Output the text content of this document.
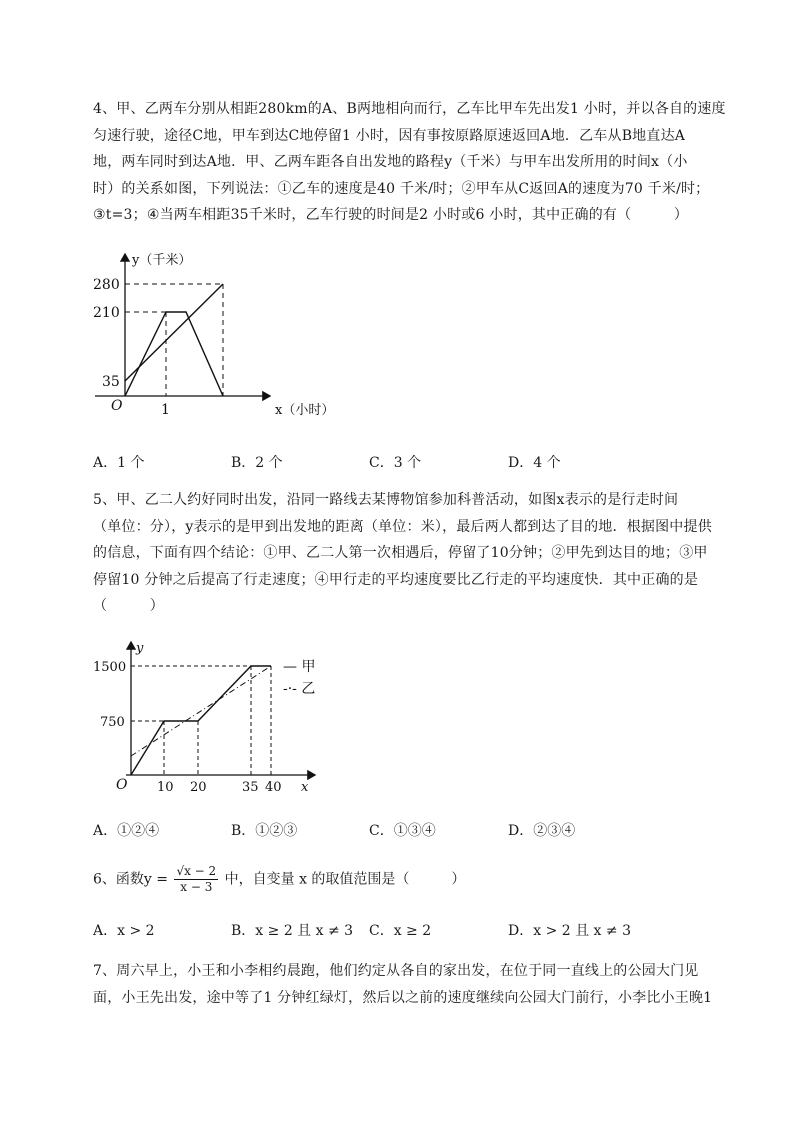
4、甲、乙两车分别从相距280km的A、B两地相向而行，乙车比甲车先出发1 小时，并以各自的速度
匀速行驶，途径C地，甲车到达C地停留1 小时，因有事按原路原速返回A地．乙车从B地直达A
地，两车同时到达A地．甲、乙两车距各自出发地的路程y（千米）与甲车出发所用的时间x（小
时）的关系如图，下列说法：①乙车的速度是40 千米/时；②甲车从C返回A的速度为70 千米/时；
③t=3；④当两车相距35千米时，乙车行驶的时间是2 小时或6 小时，其中正确的有（　　　）
y（千米）
280
210
35
O	1	x（小时）
A．1 个	B．2 个	C．3 个	D．4 个
5、甲、乙二人约好同时出发，沿同一路线去某博物馆参加科普活动，如图x表示的是行走时间
（单位：分），y表示的是甲到出发地的距离（单位：米），最后两人都到达了目的地．根据图中提供
的信息，下面有四个结论：①甲、乙二人第一次相遇后，停留了10分钟；②甲先到达目的地；③甲
停留10 分钟之后提高了行走速度；④甲行走的平均速度要比乙行走的平均速度快．其中正确的是
（　　　）
y
1500
750
O 10 20	35 40 x
— 甲
-·- 乙
A．①②④	B．①②③	C．①③④	D．②③④
6、函数$y = \frac{√x - 2}{x - 3}$ 中，自变量 x 的取值范围是（　　　）
A．x > 2	B．x ≥ 2 且 x ≠ 3 C．x ≥ 2	D．x > 2 且 x ≠ 3
7、周六早上，小王和小李相约晨跑，他们约定从各自的家出发，在位于同一直线上的公园大门见
面，小王先出发，途中等了1 分钟红绿灯，然后以之前的速度继续向公园大门前行，小李比小王晚1
